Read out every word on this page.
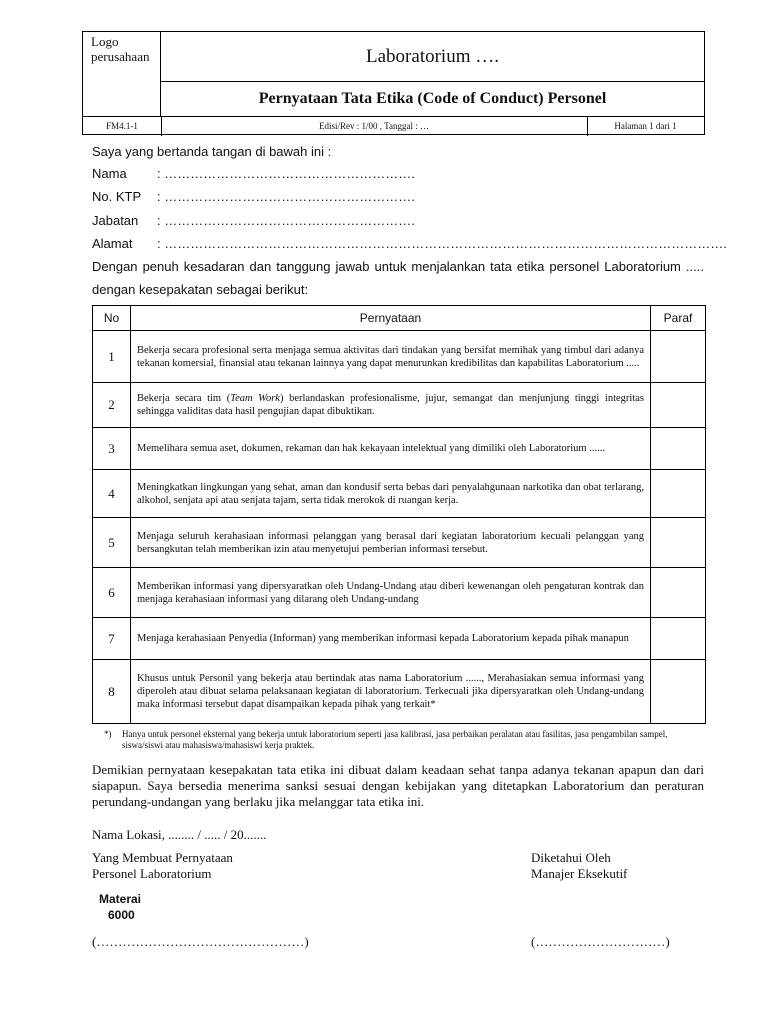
Logo perusahaan	Laboratorium ….
Pernyataan Tata Etika (Code of Conduct) Personel
FM4.1-1	Edisi/Rev : 1/00 , Tanggal : …	Halaman 1 dari 1
Saya yang bertanda tangan di bawah ini :
Nama : ………………………………………………….
No. KTP : ………………………………………………….
Jabatan : ………………………………………………….
Alamat : ………………………………………………………………………………………………………………….
Dengan penuh kesadaran dan tanggung jawab untuk menjalankan tata etika personel Laboratorium .....
dengan kesepakatan sebagai berikut:
No	Pernyataan	Paraf
1	Bekerja secara profesional serta menjaga semua aktivitas dari tindakan yang bersifat memihak yang timbul dari adanya tekanan komersial, finansial atau tekanan lainnya yang dapat menurunkan kredibilitas dan kapabilitas Laboratorium .....	
2	Bekerja secara tim (Team Work) berlandaskan profesionalisme, jujur, semangat dan menjunjung tinggi integritas sehingga validitas data hasil pengujian dapat dibuktikan.	
3	Memelihara semua aset, dokumen, rekaman dan hak kekayaan intelektual yang dimiliki oleh Laboratorium ......	
4	Meningkatkan lingkungan yang sehat, aman dan kondusif serta bebas dari penyalahgunaan narkotika dan obat terlarang, alkohol, senjata api atau senjata tajam, serta tidak merokok di ruangan kerja.	
5	Menjaga seluruh kerahasiaan informasi pelanggan yang berasal dari kegiatan laboratorium kecuali pelanggan yang bersangkutan telah memberikan izin atau menyetujui pemberian informasi tersebut.	
6	Memberikan informasi yang dipersyaratkan oleh Undang-Undang atau diberi kewenangan oleh pengaturan kontrak dan menjaga kerahasiaan informasi yang dilarang oleh Undang-undang	
7	Menjaga kerahasiaan Penyedia (Informan) yang memberikan informasi kepada Laboratorium kepada pihak manapun	
8	Khusus untuk Personil yang bekerja atau bertindak atas nama Laboratorium ......, Merahasiakan semua informasi yang diperoleh atau dibuat selama pelaksanaan kegiatan di laboratorium. Terkecuali jika dipersyaratkan oleh Undang-undang maka informasi tersebut dapat disampaikan kepada pihak yang terkait*	
*) Hanya untuk personel eksternal yang bekerja untuk laboratorium seperti jasa kalibrasi, jasa perbaikan peralatan atau fasilitas, jasa pengambilan sampel, siswa/siswi atau mahasiswa/mahasiswi kerja praktek.
Demikian pernyataan kesepakatan tata etika ini dibuat dalam keadaan sehat tanpa adanya tekanan apapun dan dari siapapun. Saya bersedia menerima sanksi sesuai dengan kebijakan yang ditetapkan Laboratorium dan peraturan perundang-undangan yang berlaku jika melanggar tata etika ini.
Nama Lokasi, ........ / ..... / 20.......
Yang Membuat Pernyataan
Personel Laboratorium
Diketahui Oleh
Manajer Eksekutif
Materai
6000
(…………………………………………)	(…………………………)
